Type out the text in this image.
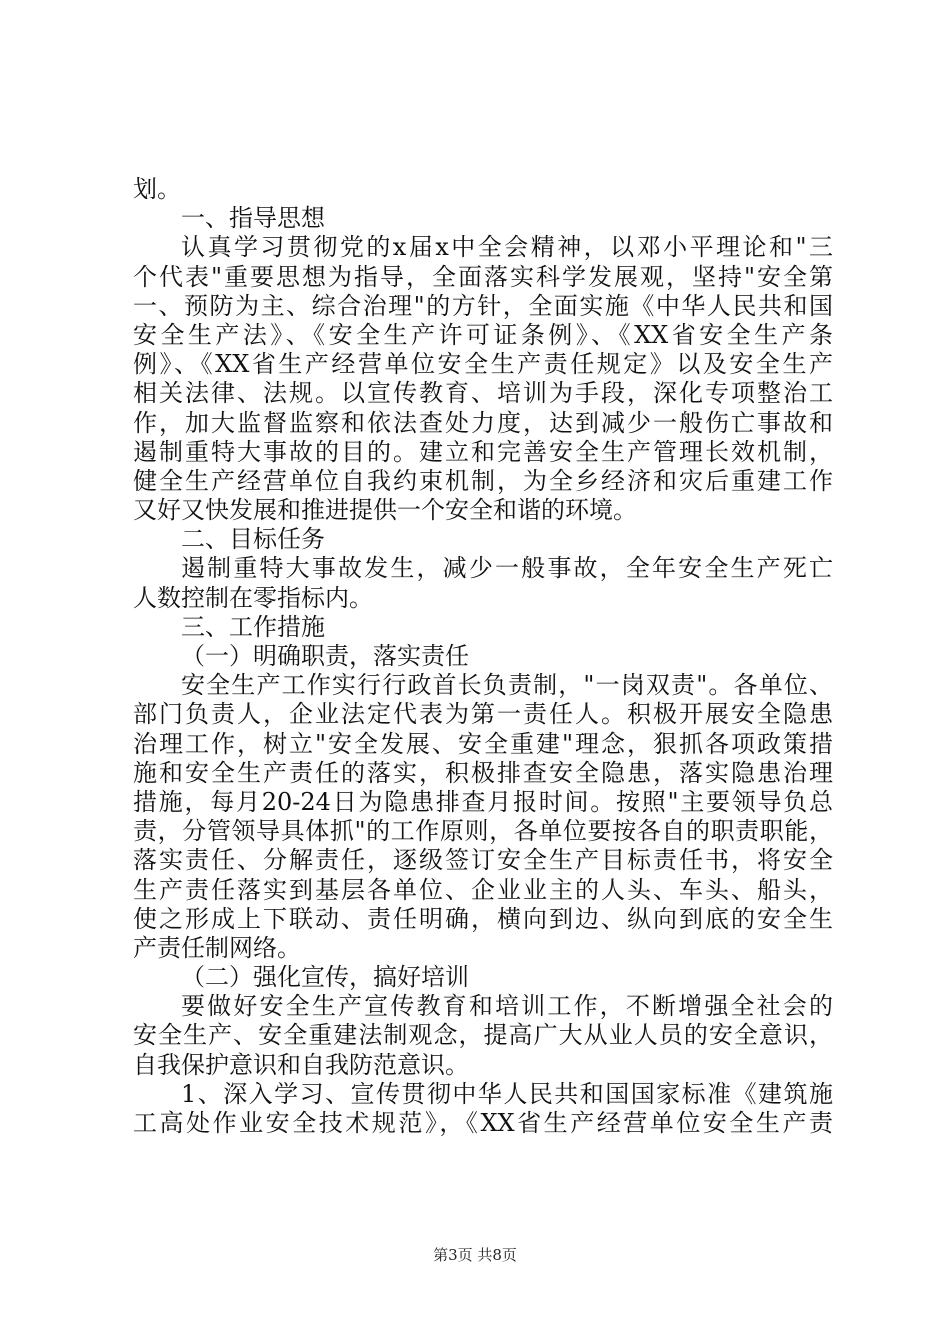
划。
一、指导思想
认真学习贯彻党的x届x中全会精神，以邓小平理论和"三
个代表"重要思想为指导，全面落实科学发展观，坚持"安全第
一、预防为主、综合治理"的方针，全面实施《中华人民共和国
安全生产法》、《安全生产许可证条例》、《XX省安全生产条
例》、《XX省生产经营单位安全生产责任规定》以及安全生产
相关法律、法规。以宣传教育、培训为手段，深化专项整治工
作，加大监督监察和依法查处力度，达到减少一般伤亡事故和
遏制重特大事故的目的。建立和完善安全生产管理长效机制，
健全生产经营单位自我约束机制，为全乡经济和灾后重建工作
又好又快发展和推进提供一个安全和谐的环境。
二、目标任务
遏制重特大事故发生，减少一般事故，全年安全生产死亡
人数控制在零指标内。
三、工作措施
（一）明确职责，落实责任
安全生产工作实行行政首长负责制，"一岗双责"。各单位、
部门负责人，企业法定代表为第一责任人。积极开展安全隐患
治理工作，树立"安全发展、安全重建"理念，狠抓各项政策措
施和安全生产责任的落实，积极排查安全隐患，落实隐患治理
措施，每月20-24日为隐患排查月报时间。按照"主要领导负总
责，分管领导具体抓"的工作原则，各单位要按各自的职责职能，
落实责任、分解责任，逐级签订安全生产目标责任书，将安全
生产责任落实到基层各单位、企业业主的人头、车头、船头，
使之形成上下联动、责任明确，横向到边、纵向到底的安全生
产责任制网络。
（二）强化宣传，搞好培训
要做好安全生产宣传教育和培训工作，不断增强全社会的
安全生产、安全重建法制观念，提高广大从业人员的安全意识，
自我保护意识和自我防范意识。
1、深入学习、宣传贯彻中华人民共和国国家标准《建筑施
工高处作业安全技术规范》，《XX省生产经营单位安全生产责
第3页 共8页
